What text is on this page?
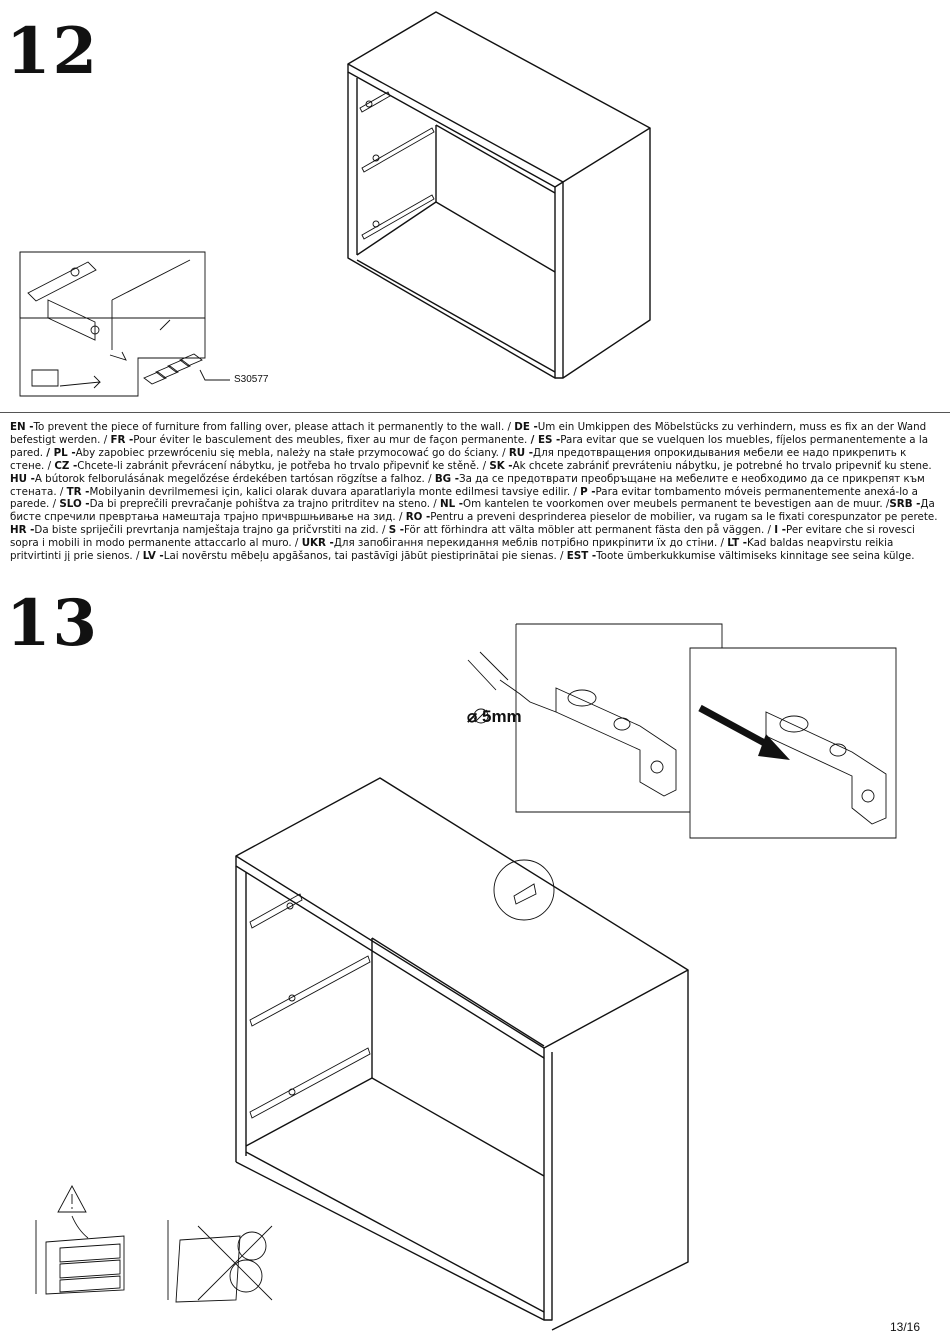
12
S30577
EN -To prevent the piece of furniture from falling over, please attach it permanently to the wall. / DE -Um ein Umkippen des Möbelstücks zu verhindern, muss es fix an der Wand befestigt werden. / FR -Pour éviter le basculement des meubles, fixer au mur de façon permanente. / ES -Para evitar que se vuelquen los muebles, fíjelos permanentemente a la pared. / PL -Aby zapobiec przewróceniu się mebla, należy na stałe przymocować go do ściany. / RU -Для предотвращения опрокидывания мебели ее надо прикрепить к стене. / CZ -Chcete-li zabránit převrácení nábytku, je potřeba ho trvalo připevniť ke stěně. / SK -Ak chcete zabrániť prevráteniu nábytku, je potrebné ho trvalo pripevniť ku stene. HU -A bútorok felborulásának megelőzése érdekében tartósan rögzítse a falhoz. / BG -За да се предотврати преобръщане на мебелите е необходимо да се прикрепят към стената. / TR -Mobilyanin devrilmemesi için, kalici olarak duvara aparatlariyla monte edilmesi tavsiye edilir. / P -Para evitar tombamento móveis permanentemente anexá-lo a parede. / SLO -Da bi preprečili prevračanje pohištva za trajno pritrditev na steno. / NL -Om kantelen te voorkomen over meubels permanent te bevestigen aan de muur. /SRB -Да бисте спречили превртања намештаја трајно причвршњивање на зид. / RO -Pentru a preveni desprinderea pieselor de mobilier, va rugam sa le fixati corespunzator pe perete. HR -Da biste spriječili prevrtanja namještaja trajno ga pričvrstiti na zid. / S -För att förhindra att välta möbler att permanent fästa den på väggen. / I -Per evitare che si rovesci sopra i mobili in modo permanente attaccarlo al muro. / UKR -Для запобігання перекидання меблів потрібно прикріпити їх до стіни. / LT -Kad baldas neapvirstu reikia pritvirtinti jį prie sienos. / LV -Lai novērstu mēbeļu apgāšanos, tai pastāvīgi jābūt piestiprinātai pie sienas. / EST -Toote ümberkukkumise vältimiseks kinnitage see seina külge.
13
⌀ 5mm
13/16
